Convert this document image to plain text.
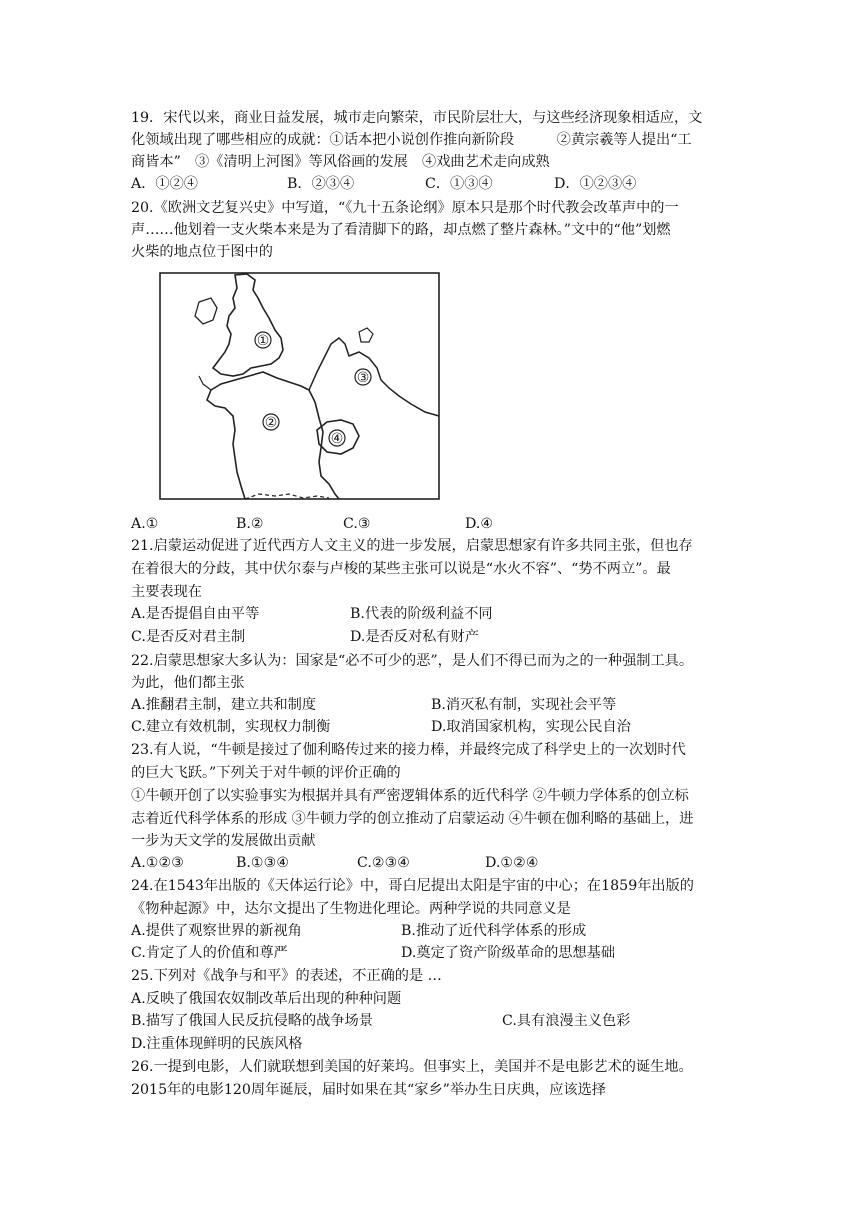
19．宋代以来，商业日益发展，城市走向繁荣，市民阶层壮大，与这些经济现象相适应，文
化领域出现了哪些相应的成就：①话本把小说创作推向新阶段　　　②黄宗羲等人提出“工
商皆本”　③《清明上河图》等风俗画的发展　④戏曲艺术走向成熟
A．①②④	B．②③④	C．①③④	D．①②③④
20.《欧洲文艺复兴史》中写道，“《九十五条论纲》原本只是那个时代教会改革声中的一
声……他划着一支火柴本来是为了看清脚下的路，却点燃了整片森林。”文中的“他”划燃
火柴的地点位于图中的
①
②
③
④
A.①	B.②	C.③	D.④
21.启蒙运动促进了近代西方人文主义的进一步发展，启蒙思想家有许多共同主张，但也存
在着很大的分歧，其中伏尔泰与卢梭的某些主张可以说是“水火不容”、“势不两立”。最
主要表现在
A.是否提倡自由平等	B.代表的阶级利益不同
C.是否反对君主制	D.是否反对私有财产
22.启蒙思想家大多认为：国家是“必不可少的恶”，是人们不得已而为之的一种强制工具。
为此，他们都主张
A.推翻君主制，建立共和制度	B.消灭私有制，实现社会平等
C.建立有效机制，实现权力制衡	D.取消国家机构，实现公民自治
23.有人说，“牛顿是接过了伽利略传过来的接力棒，并最终完成了科学史上的一次划时代
的巨大飞跃。”下列关于对牛顿的评价正确的
①牛顿开创了以实验事实为根据并具有严密逻辑体系的近代科学 ②牛顿力学体系的创立标
志着近代科学体系的形成 ③牛顿力学的创立推动了启蒙运动 ④牛顿在伽利略的基础上，进
一步为天文学的发展做出贡献
A.①②③	B.①③④	C.②③④	D.①②④
24.在1543年出版的《天体运行论》中，哥白尼提出太阳是宇宙的中心；在1859年出版的
《物种起源》中，达尔文提出了生物进化理论。两种学说的共同意义是
A.提供了观察世界的新视角	B.推动了近代科学体系的形成
C.肯定了人的价值和尊严	D.奠定了资产阶级革命的思想基础
25.下列对《战争与和平》的表述，不正确的是 …
A.反映了俄国农奴制改革后出现的种种问题
B.描写了俄国人民反抗侵略的战争场景	C.具有浪漫主义色彩
D.注重体现鲜明的民族风格
26.一提到电影，人们就联想到美国的好莱坞。但事实上，美国并不是电影艺术的诞生地。
2015年的电影120周年诞辰，届时如果在其“家乡”举办生日庆典，应该选择
